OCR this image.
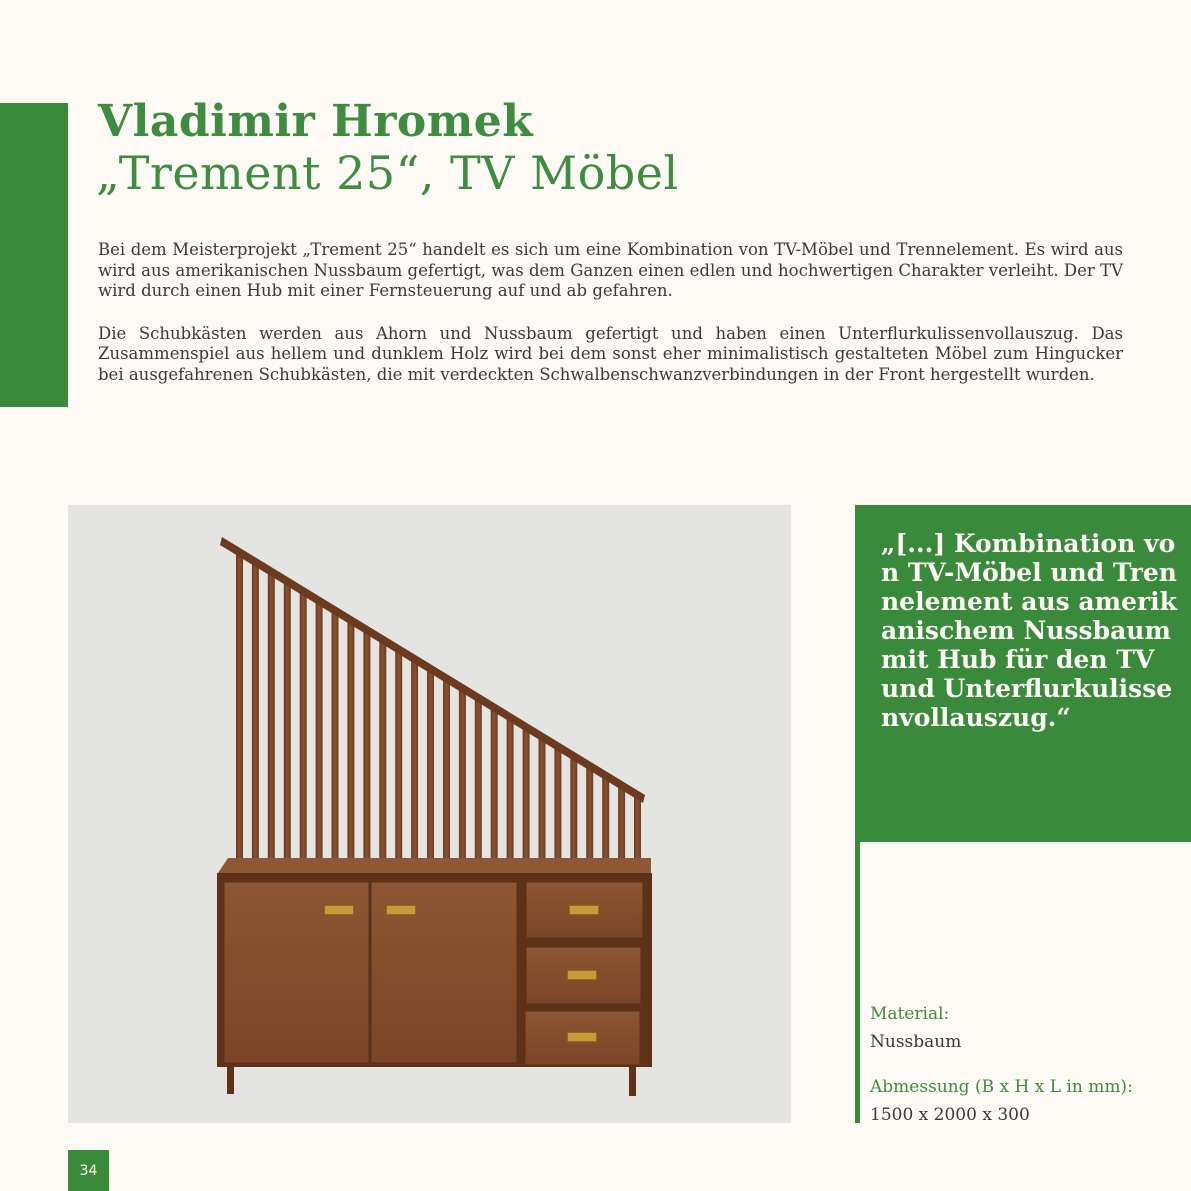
Vladimir Hromek
„Trement 25“, TV Möbel

Bei dem Meisterprojekt „Trement 25“ handelt es sich um eine Kombination von TV-Möbel und Trennelement. Es wird aus wird aus amerikanischen Nussbaum gefertigt, was dem Ganzen einen edlen und hochwertigen Charakter verleiht. Der TV wird durch einen Hub mit einer Fernsteuerung auf und ab gefahren.

Die Schubkästen werden aus Ahorn und Nussbaum gefertigt und haben einen Unterflurkulissenvollauszug. Das Zusammenspiel aus hellem und dunklem Holz wird bei dem sonst eher minimalistisch gestalteten Möbel zum Hingucker bei ausgefahrenen Schubkästen, die mit verdeckten Schwalbenschwanzverbindungen in der Front hergestellt wurden.

„[...] Kombination von TV-Möbel und Trennelement aus amerikanischem Nussbaum mit Hub für den TV und Unterflurkulissenvollauszug.“
Material:
Nussbaum
Abmessung (B x H x L in mm):
1500 x 2000 x 300
34
